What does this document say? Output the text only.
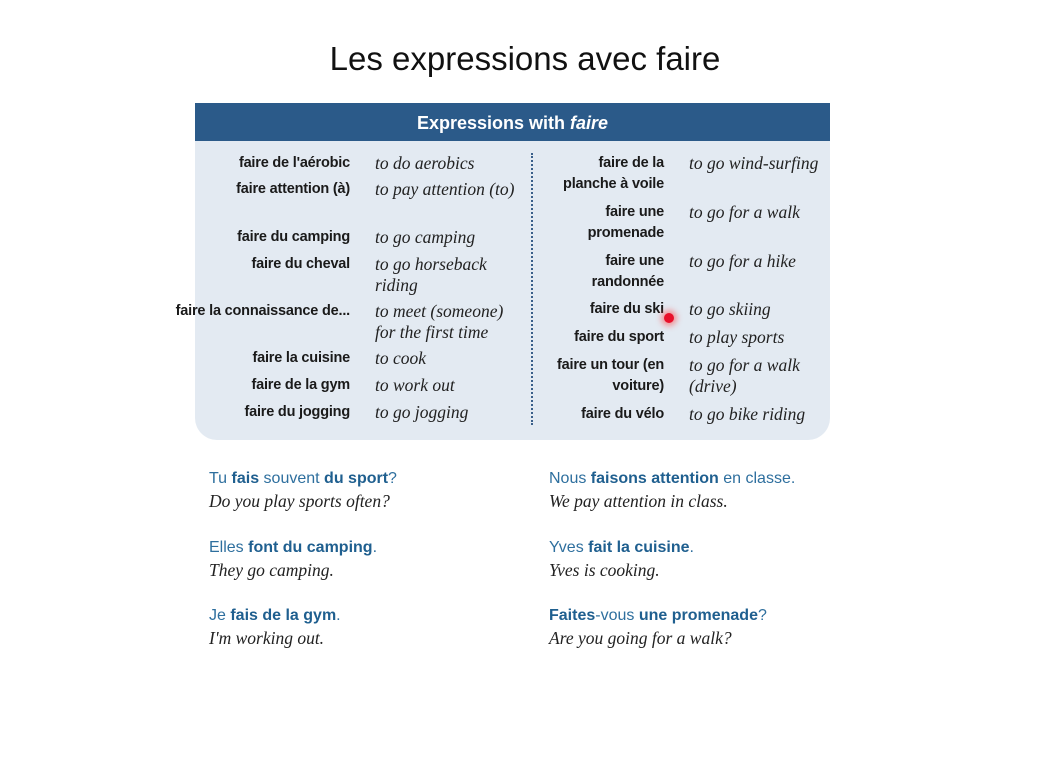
Les expressions avec faire
Expressions with faire
faire de l'aérobic to do aerobics
faire attention (à) to pay attention (to)
faire du camping to go camping
faire du cheval to go horseback riding
faire la connaissance de... to meet (someone) for the first time
faire la cuisine to cook
faire de la gym to work out
faire du jogging to go jogging
faire de la planche à voile
to go wind-surfing
faire une promenade
to go for a walk
faire une randonnée
to go for a hike
faire du ski to go skiing
faire du sport to play sports
faire un tour (en voiture)
to go for a walk (drive)
faire du vélo to go bike riding
Tu fais souvent du sport?
Do you play sports often?
Nous faisons attention en classe.
We pay attention in class.
Elles font du camping.
They go camping.
Yves fait la cuisine.
Yves is cooking.
Je fais de la gym.
I'm working out.
Faites-vous une promenade?
Are you going for a walk?
